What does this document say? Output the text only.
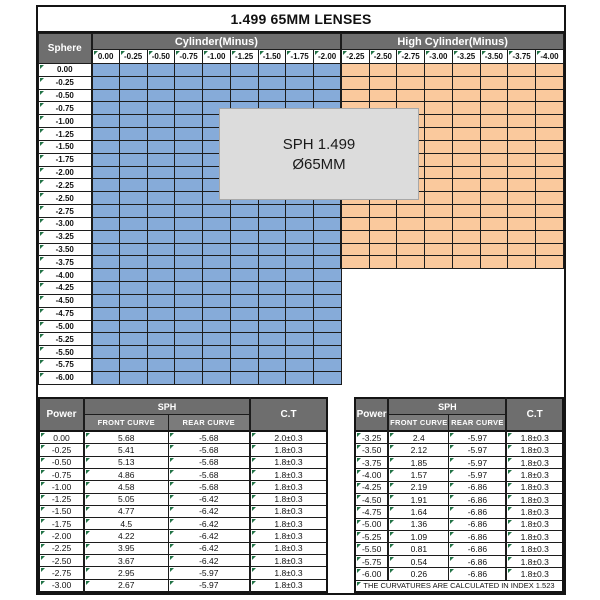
1.499 65MM LENSES
Sphere	Cylinder(Minus)									High Cylinder(Minus)							
	0.00	-0.25	-0.50	-0.75	-1.00	-1.25	-1.50	-1.75	-2.00	-2.25	-2.50	-2.75	-3.00	-3.25	-3.50	-3.75	-4.00
0.00																	
-0.25																	
-0.50																	
-0.75																	
-1.00																	
-1.25																	
-1.50																	
-1.75																	
-2.00																	
-2.25																	
-2.50																	
-2.75																	
-3.00																	
-3.25																	
-3.50																	
-3.75																	
-4.00																	
-4.25																	
-4.50																	
-4.75																	
-5.00																	
-5.25																	
-5.50																	
-5.75																	
-6.00																	
Power	SPH		C.T
	FRONT CURVE	REAR CURVE	
0.00	5.68	-5.68	2.0±0.3
-0.25	5.41	-5.68	1.8±0.3
-0.50	5.13	-5.68	1.8±0.3
-0.75	4.86	-5.68	1.8±0.3
-1.00	4.58	-5.68	1.8±0.3
-1.25	5.05	-6.42	1.8±0.3
-1.50	4.77	-6.42	1.8±0.3
-1.75	4.5	-6.42	1.8±0.3
-2.00	4.22	-6.42	1.8±0.3
-2.25	3.95	-6.42	1.8±0.3
-2.50	3.67	-6.42	1.8±0.3
-2.75	2.95	-5.97	1.8±0.3
-3.00	2.67	-5.97	1.8±0.3
Power	SPH		C.T
	FRONT CURVE	REAR CURVE	
-3.25	2.4	-5.97	1.8±0.3
-3.50	2.12	-5.97	1.8±0.3
-3.75	1.85	-5.97	1.8±0.3
-4.00	1.57	-5.97	1.8±0.3
-4.25	2.19	-6.86	1.8±0.3
-4.50	1.91	-6.86	1.8±0.3
-4.75	1.64	-6.86	1.8±0.3
-5.00	1.36	-6.86	1.8±0.3
-5.25	1.09	-6.86	1.8±0.3
-5.50	0.81	-6.86	1.8±0.3
-5.75	0.54	-6.86	1.8±0.3
-6.00	0.26	-6.86	1.8±0.3
THE CURVATURES ARE CALCULATED IN INDEX 1.523			
SPH 1.499
Ø65MM
